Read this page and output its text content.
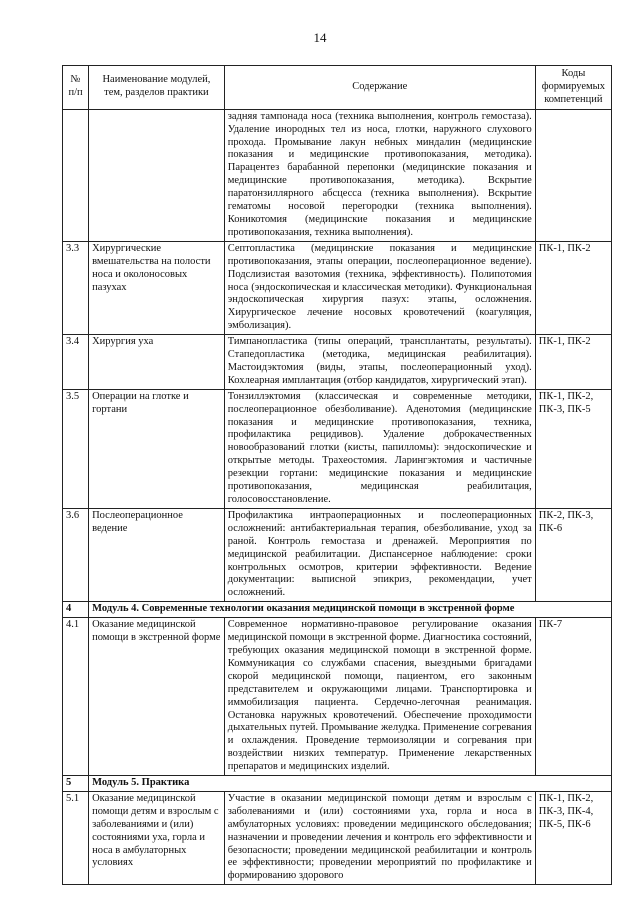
14
№ п/п	Наименование модулей, тем, разделов практики	Содержание	Коды формируемых компетенций
		задняя тампонада носа (техника выполнения, контроль гемостаза). Удаление инородных тел из носа, глотки, наружного слухового прохода. Промывание лакун небных миндалин (медицинские показания и медицинские противопоказания, методика). Парацентез барабанной перепонки (медицинские показания и медицинские противопоказания, методика). Вскрытие паратонзиллярного абсцесса (техника выполнения). Вскрытие гематомы носовой перегородки (техника выполнения). Коникотомия (медицинские показания и медицинские противопоказания, техника выполнения).	
3.3	Хирургические вмешательства на полости носа и околоносовых пазухах	Септопластика (медицинские показания и медицинские противопоказания, этапы операции, послеоперационное ведение). Подслизистая вазотомия (техника, эффективность). Полипотомия носа (эндоскопическая и классическая методики). Функциональная эндоскопическая хирургия пазух: этапы, осложнения. Хирургическое лечение носовых кровотечений (коагуляция, эмболизация).	ПК-1, ПК-2
3.4	Хирургия уха	Тимпанопластика (типы операций, трансплантаты, результаты). Стапедопластика (методика, медицинская реабилитация). Мастоидэктомия (виды, этапы, послеоперационный уход). Кохлеарная имплантация (отбор кандидатов, хирургический этап).	ПК-1, ПК-2
3.5	Операции на глотке и гортани	Тонзиллэктомия (классическая и современные методики, послеоперационное обезболивание). Аденотомия (медицинские показания и медицинские противопоказания, техника, профилактика рецидивов). Удаление доброкачественных новообразований глотки (кисты, папилломы): эндоскопические и открытые методы. Трахеостомия. Ларингэктомия и частичные резекции гортани: медицинские показания и медицинские противопоказания, медицинская реабилитация, голосовосстановление.	ПК-1, ПК-2, ПК-3, ПК-5
3.6	Послеоперационное ведение	Профилактика интраоперационных и послеоперационных осложнений: антибактериальная терапия, обезболивание, уход за раной. Контроль гемостаза и дренажей. Мероприятия по медицинской реабилитации. Диспансерное наблюдение: сроки контрольных осмотров, критерии эффективности. Ведение документации: выписной эпикриз, рекомендации, учет осложнений.	ПК-2, ПК-3, ПК-6
4	Модуль 4. Современные технологии оказания медицинской помощи в экстренной форме		
4.1	Оказание медицинской помощи в экстренной форме	Современное нормативно-правовое регулирование оказания медицинской помощи в экстренной форме. Диагностика состояний, требующих оказания медицинской помощи в экстренной форме. Коммуникация со службами спасения, выездными бригадами скорой медицинской помощи, пациентом, его законным представителем и окружающими лицами. Транспортировка и иммобилизация пациента. Сердечно-легочная реанимация. Остановка наружных кровотечений. Обеспечение проходимости дыхательных путей. Промывание желудка. Применение согревания и охлаждения. Проведение термоизоляции и согревания при воздействии низких температур. Применение лекарственных препаратов и медицинских изделий.	ПК-7
5	Модуль 5. Практика		
5.1	Оказание медицинской помощи детям и взрослым с заболеваниями и (или) состояниями уха, горла и носа в амбулаторных условиях	Участие в оказании медицинской помощи детям и взрослым с заболеваниями и (или) состояниями уха, горла и носа в амбулаторных условиях: проведении медицинского обследования; назначении и проведении лечения и контроль его эффективности и безопасности; проведении медицинской реабилитации и контроль ее эффективности; проведении мероприятий по профилактике и формированию здорового	ПК-1, ПК-2, ПК-3, ПК-4, ПК-5, ПК-6
